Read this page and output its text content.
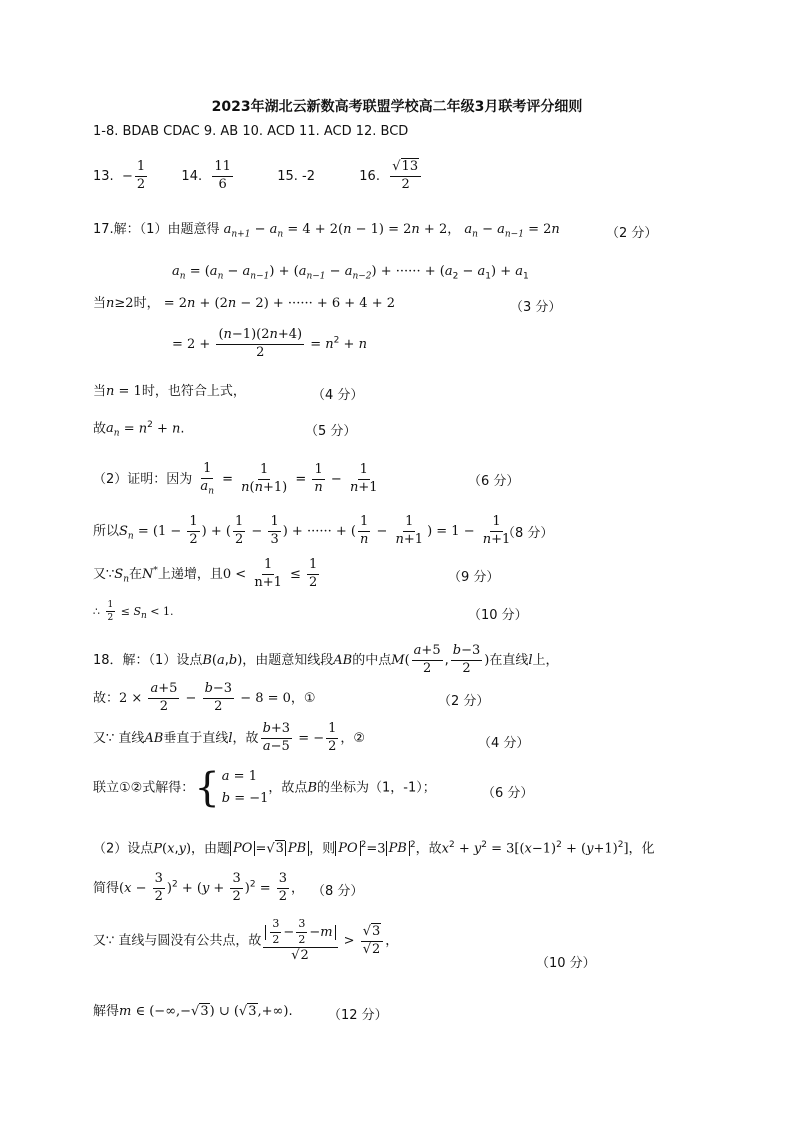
2023年湖北云新数高考联盟学校高二年级3月联考评分细则
1-8. BDAB CDAC 9. AB 10. ACD 11. ACD 12. BCD
13.  − $\frac{1}{2}$	14. $\frac{11}{6}$	15. -2	16. $\frac{√13}{2}$
17.解：（1）由题意得 $a_{n+1} - a_n = 4 + 2(n - 1) = 2n + 2$， $a_n - a_{n-1} = 2n$	（2 分）
$a_n = (a_n - a_{n-1}) + (a_{n-1} - a_{n-2})$ + ······ + $(a_2 - a_1) + a_1$
当n≥2时， = 2n + (2n − 2) + ······ + 6 + 4 + 2	（3 分）
= $2 + \frac{(n-1)(2n+4)}{2} = n^2 + n$
当n = 1时，也符合上式，	（4 分）
故$a_n = n^2 + n$.	（5 分）
（2）证明：因为 $\frac{1}{a_n} = \frac{1}{n(n+1)} = \frac{1}{n} - \frac{1}{n+1}$	（6 分）
所以$S_n = (1 - \frac{1}{2}$ ) + ( $\frac{1}{2} - \frac{1}{3}$ ) + ······ + ( $\frac{1}{n} - \frac{1}{n+1}$ ) = $1 - \frac{1}{n+1}$
（8 分）
又$\because S_n$在N*上递增，且$0 < \frac{1}{n+1} \le \frac{1}{2}$	（9 分）
∴ $\frac{1}{2} \le S_n < 1$.	（10 分）
18．解：（1）设点B(a,b)，由题意知线段AB的中点$M( \frac{a+5}{2}$ , $\frac{b-3}{2}$ )在直线l上，
故：$2 \times \frac{a+5}{2} - \frac{b-3}{2} - 8 = 0$，①	（2 分）
又∵ 直线AB垂直于直线l，故 $\frac{b+3}{a-5}$ = − $\frac{1}{2}$ ，②	（4 分）
联立①②式解得：{ a = 1
b = −1
，故点B的坐标为（1，-1）；	（6 分）
（2）设点P(x,y)，由题 PO =√3 PB ，则 PO $^2$=3 PB $^2$，故$x^2 + y^2 = 3[(x-1)^2 + (y+1)^2]$，化
简得$(x - \frac{3}{2} )^2 + (y + \frac{3}{2} )^2 = \frac{3}{2}$ ， （8 分）
又∵ 直线与圆没有公共点，故 $\frac{\frac{3}{2} - \frac{3}{2} -m}{√2} > \frac{√3}{√2}$ ，
（10 分）
解得m ∈ (−∞,−√3) ∪ (√3,+∞).	（12 分）
